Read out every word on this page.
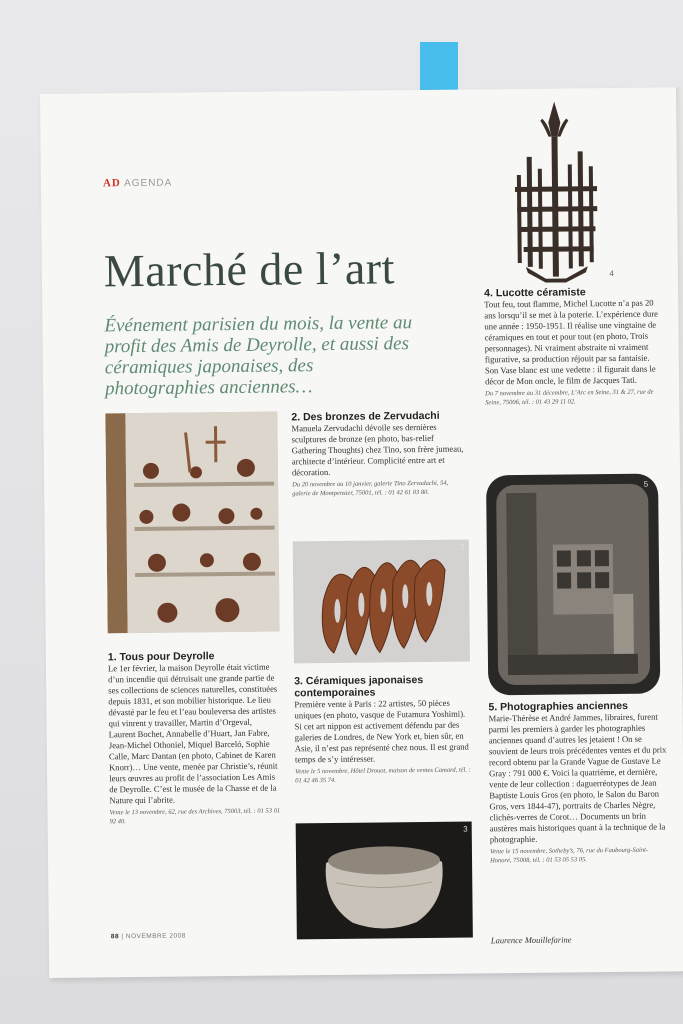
AD AGENDA
Marché de l’art
Événement parisien du mois, la vente au profit des Amis de Deyrolle, et aussi des céramiques japonaises, des photographies anciennes…
4
4. Lucotte céramiste
Tout feu, tout flamme, Michel Lucotte n’a pas 20 ans lorsqu’il se met à la poterie. L’expérience dure une année : 1950-1951. Il réalise une vingtaine de céramiques en tout et pour tout (en photo, Trois personnages). Ni vraiment abstraite ni vraiment figurative, sa production réjouit par sa fantaisie. Son Vase blanc est une vedette : il figurait dans le décor de Mon oncle, le film de Jacques Tati.
Du 7 novembre au 31 décembre, L’Arc en Seine, 31 & 27, rue de Seine, 75006, tél. : 01 43 29 11 02.
2. Des bronzes de Zervudachi
Manuela Zervudachi dévoile ses dernières sculptures de bronze (en photo, bas-relief Gathering Thoughts) chez Tino, son frère jumeau, architecte d’intérieur. Complicité entre art et décoration.
Du 20 novembre au 10 janvier, galerie Tino Zervudachi, 54, galerie de Montpensier, 75001, tél. : 01 42 61 03 80.
2
1. Tous pour Deyrolle
Le 1er février, la maison Deyrolle était victime d’un incendie qui détruisait une grande partie de ses collections de sciences naturelles, constituées depuis 1831, et son mobilier historique. Le lieu dévasté par le feu et l’eau bouleversa des artistes qui vinrent y travailler, Martin d’Orgeval, Laurent Bochet, Annabelle d’Huart, Jan Fabre, Jean-Michel Othoniel, Miquel Barceló, Sophie Calle, Marc Dantan (en photo, Cabinet de Karen Knorr)… Une vente, menée par Christie’s, réunit leurs œuvres au profit de l’association Les Amis de Deyrolle. C’est le musée de la Chasse et de la Nature qui l’abrite.
Vente le 13 novembre, 62, rue des Archives, 75003, tél. : 01 53 01 92 40.
3. Céramiques japonaises contemporaines
Première vente à Paris : 22 artistes, 50 pièces uniques (en photo, vasque de Futamura Yoshimi). Si cet art nippon est activement défendu par des galeries de Londres, de New York et, bien sûr, en Asie, il n’est pas représenté chez nous. Il est grand temps de s’y intéresser.
Vente le 5 novembre, Hôtel Drouot, maison de ventes Camard, tél. : 01 42 46 35 74.
3
5
5. Photographies anciennes
Marie-Thérèse et André Jammes, libraires, furent parmi les premiers à garder les photographies anciennes quand d’autres les jetaient ! On se souvient de leurs trois précédentes ventes et du prix record obtenu par la Grande Vague de Gustave Le Gray : 791 000 €. Voici la quatrième, et dernière, vente de leur collection : daguerréotypes de Jean Baptiste Louis Gros (en photo, le Salon du Baron Gros, vers 1844-47), portraits de Charles Nègre, clichés-verres de Corot… Documents un brin austères mais historiques quant à la technique de la photographie.
Vente le 15 novembre, Sotheby’s, 76, rue du Faubourg-Saint-Honoré, 75008, tél. : 01 53 05 53 05.
88 | NOVEMBRE 2008	Laurence Mouillefarine
